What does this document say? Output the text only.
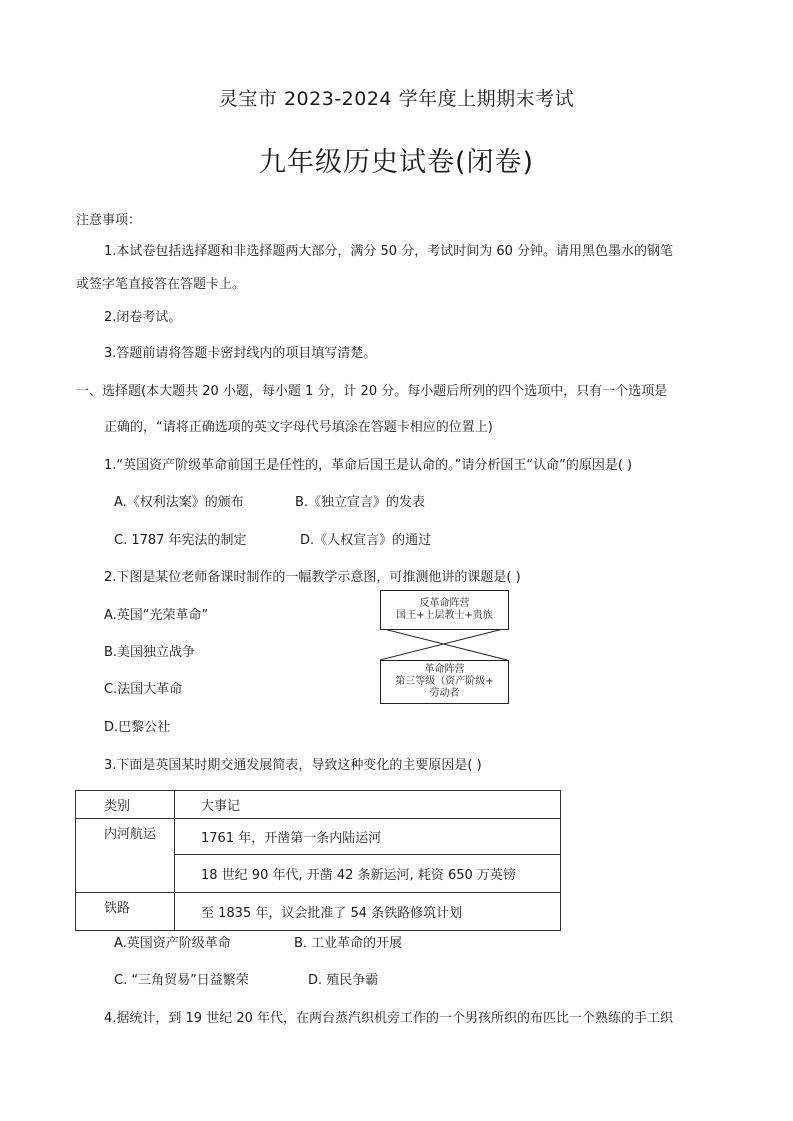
灵宝市 2023-2024 学年度上期期末考试
九年级历史试卷(闭卷)
注意事项：
1.本试卷包括选择题和非选择题两大部分，满分 50 分，考试时间为 60 分钟。请用黑色墨水的钢笔
或签字笔直接答在答题卡上。
2.闭卷考试。
3.答题前请将答题卡密封线内的项目填写清楚。
一、选择题(本大题共 20 小题，每小题 1 分，计 20 分。每小题后所列的四个选项中，只有一个选项是
正确的，“请将正确选项的英文字母代号填涂在答题卡相应的位置上)
1.“英国资产阶级革命前国王是任性的，革命后国王是认命的。”请分析国王“认命”的原因是( )
A.《权利法案》的颁布	B.《独立宣言》的发表
C. 1787 年宪法的制定	D.《人权宣言》的通过
2.下图是某位老师备课时制作的一幅教学示意图，可推测他讲的课题是( )
A.英国“光荣革命”
B.美国独立战争
C.法国大革命
D.巴黎公社
反革命阵营
国王+上层教士+贵族
革命阵营
第三等级（资产阶级+
劳动者
3.下面是英国某时期交通发展简表，导致这种变化的主要原因是( )
类别	大事记
内河航运	1761 年，开凿第一条内陆运河
	18 世纪 90 年代, 开凿 42 条新运河, 耗资 650 万英镑
铁路	至 1835 年，议会批准了 54 条铁路修筑计划
A.英国资产阶级革命	B. 工业革命的开展
C. “三角贸易”日益繁荣	D. 殖民争霸
4.据统计，到 19 世纪 20 年代，在两台蒸汽织机旁工作的一个男孩所织的布匹比一个熟练的手工织
